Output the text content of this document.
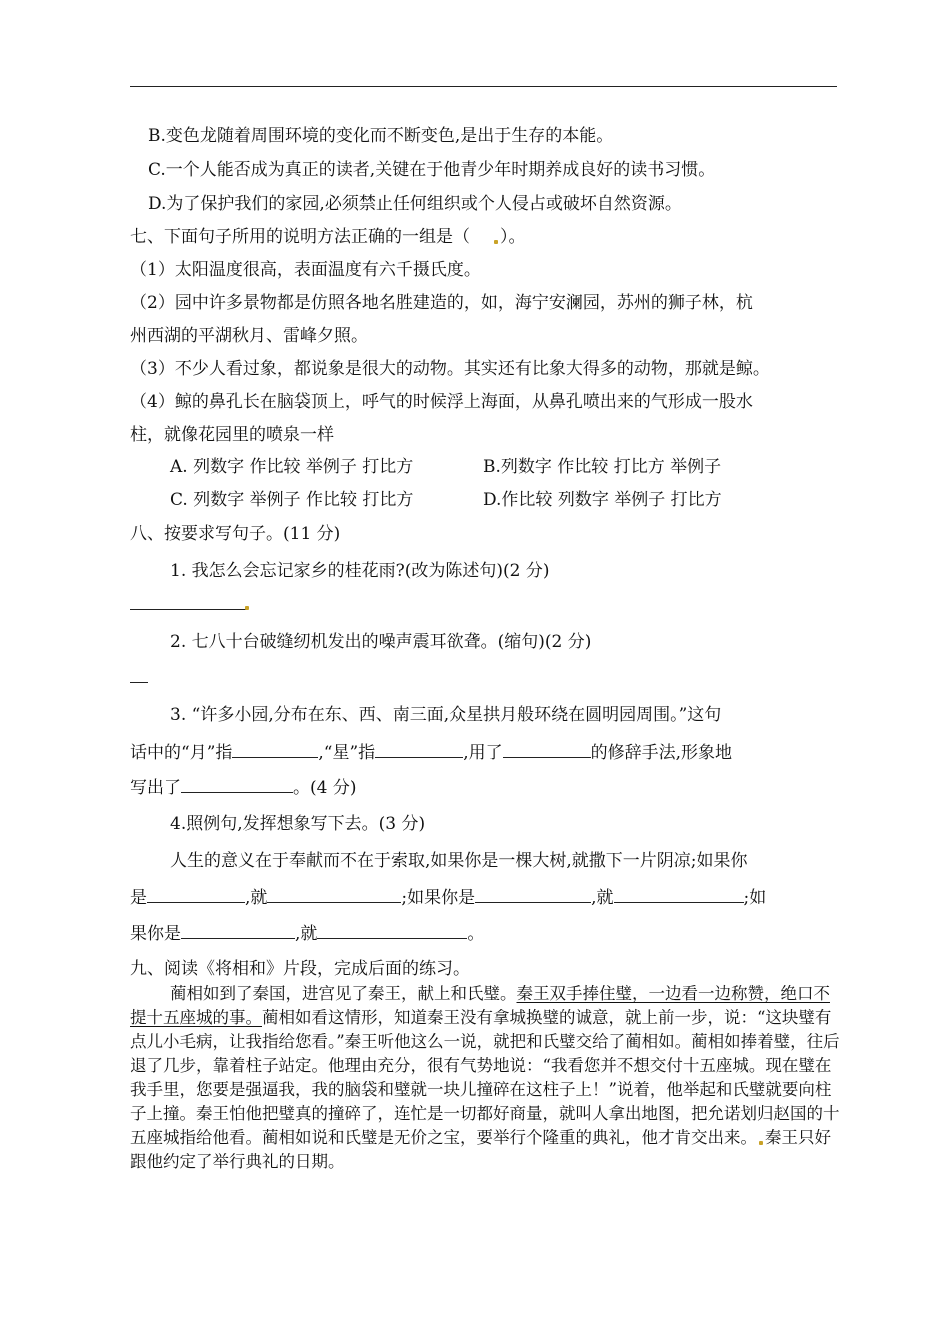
B.变色龙随着周围环境的变化而不断变色,是出于生存的本能。
C.一个人能否成为真正的读者,关键在于他青少年时期养成良好的读书习惯。
D.为了保护我们的家园,必须禁止任何组织或个人侵占或破坏自然资源。
七、下面句子所用的说明方法正确的一组是（ ）。
（1）太阳温度很高，表面温度有六千摄氏度。
（2）园中许多景物都是仿照各地名胜建造的，如，海宁安澜园，苏州的狮子林，杭
州西湖的平湖秋月、雷峰夕照。
（3）不少人看过象，都说象是很大的动物。其实还有比象大得多的动物，那就是鲸。
（4）鲸的鼻孔长在脑袋顶上，呼气的时候浮上海面，从鼻孔喷出来的气形成一股水
柱，就像花园里的喷泉一样
A. 列数字 作比较 举例子 打比方	B.列数字 作比较 打比方 举例子
C. 列数字 举例子 作比较 打比方	D.作比较 列数字 举例子 打比方
八、按要求写句子。(11 分)
1. 我怎么会忘记家乡的桂花雨?(改为陈述句)(2 分)
2. 七八十台破缝纫机发出的噪声震耳欲聋。(缩句)(2 分)
3. “许多小园,分布在东、西、南三面,众星拱月般环绕在圆明园周围。”这句
话中的“月”指	,“星”指	,用了	的修辞手法,形象地
写出了	。(4 分)
4.照例句,发挥想象写下去。(3 分)
人生的意义在于奉献而不在于索取,如果你是一棵大树,就撒下一片阴凉;如果你
是	,就	;如果你是	,就	;如
果你是	,就	。
九、阅读《将相和》片段，完成后面的练习。
蔺相如到了秦国，进宫见了秦王，献上和氏璧。秦王双手捧住璧，一边看一边称赞，绝口不提十五座城的事。蔺相如看这情形，知道秦王没有拿城换璧的诚意，就上前一步，说：“这块璧有点儿小毛病，让我指给您看。”秦王听他这么一说，就把和氏璧交给了蔺相如。蔺相如捧着璧，往后退了几步，靠着柱子站定。他理由充分，很有气势地说：“我看您并不想交付十五座城。现在璧在我手里，您要是强逼我，我的脑袋和璧就一块儿撞碎在这柱子上！”说着，他举起和氏璧就要向柱子上撞。秦王怕他把璧真的撞碎了，连忙是一切都好商量，就叫人拿出地图，把允诺划归赵国的十五座城指给他看。蔺相如说和氏璧是无价之宝，要举行个隆重的典礼，他才肯交出来。 秦王只好跟他约定了举行典礼的日期。
